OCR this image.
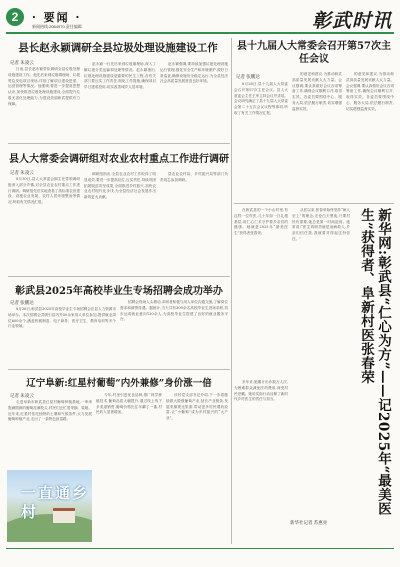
2	· 要闻 ·
新闻热线:2084970 责任编辑	彰武时讯
县长赵永颖调研全县垃圾处理设施建设工作
记者 朱凌云
日前,县长赵永颖带队调研全县垃圾处理设施建设工作。他先后来到垃圾填埋场、垃圾焚烧发电项目现场,详细了解项目建设进度、运营管理等情况。他强调,要进一步提高思想认识,加快推进垃圾处理设施建设,全面提升垃圾无害化处理能力,为建设美丽彰武提供有力保障。
赵永颖一行先后来到垃圾填埋场,深入了解垃圾分类运输和处理等情况。赵永颖指出,垃圾处理设施建设是重要的民生工程,各有关部门要压实工作责任,细化工作措施,确保项目早日建成投用,切实改善城乡人居环境。
赵永颖强调,要持续加强垃圾处理设施运行管理,强化安全生产和环境保护,做好日常巡查,确保设施安全稳定运行,为全县经济社会高质量发展营造良好环境。
县十九届人大常委会召开第57次主任会议
记者 张鹏达
8月28日,县十九届人大常委会召开第57次主任会议。县人大常委会主任王军主持会议并讲话。会议研究确定了县十九届人大常委会第二十五次会议议程等事项,听取了有关工作情况汇报。
的意见和建议,为推动彰武高质量发展贡献人大力量。会议强调,要认真做好会议各项筹备工作,确保会议顺利召开,取得实效。各委员要围绕中心、服务大局,依法履行职责,切实增强监督实效。
的意见和建议,为推动彰武高质量发展贡献人大力量。会议强调,要认真做好会议各项筹备工作,确保会议顺利召开,取得实效。各委员要围绕中心、服务大局,依法履行职责,切实增强监督实效。
县人大常委会调研组对农业农村重点工作进行调研
记者 朱凌云
8月30日,县人大常委会副主任带领调研组深入部分乡镇,对全县农业农村重点工作进行调研。调研组先后实地查看了高标准农田建设、设施农业发展、农村人居环境整治等情况,听取有关情况汇报。
调研组指出,全县农业农村工作取得了明显成效,要进一步提高站位,压实责任,持续巩固拓展脱贫攻坚成果,全面推进乡村振兴,加快农业农村现代化步伐,为全县经济社会发展作出新的更大贡献。
县农业农村局、乡村振兴局等部门负责同志参加调研。
彰武县2025年高校毕业生专场招聘会成功举办
记者 张鹏达
8月26日,彰武县2025年高校毕业生专场招聘会在县人力资源市场举办。本次招聘会共吸引县内外50余家用人单位参加,提供就业岗位600余个,涵盖机械制造、电子商务、医疗卫生、教育培训等多个行业领域。
招聘会现场人头攒动,求职者积极与用人单位沟通交流,了解岗位需求和薪资待遇。据统计,当天共有300余名高校毕业生进场求职,初步达成就业意向120余人,为高校毕业生搭建了良好的就业服务平台。
辽宁阜新:红星村葡萄“内外兼修”身价涨一倍
记者 朱凌云
走进阜新市彰武县红星村葡萄种植基地,一串串饱满圆润的葡萄挂满枝头,村民们正忙着采摘、装箱。近年来,红星村依托独特的土壤和气候条件,大力发展葡萄种植产业,走出了一条特色致富路。
今年,村里引进优良品种,推广科学种植技术,葡萄品质大幅提升,通过线上线下多渠道销售,葡萄价格比往年翻了一番,村民收入显著增加。
该村党支部书记介绍,下一步将继续做大做强葡萄产业,延长产业链条,发展采摘观光旅游,带动更多村民增收致富,让“小葡萄”成为乡村振兴的“大产业”。
一直通乡村
在彰武县的一个小山村里,有这样一位村医,几十年如一日扎根基层,用仁心仁术守护着乡亲们的健康。她就是2025年“最美医生”获得者张春荣。
从医以来,张春荣始终坚持“病人至上”的理念,无论白天黑夜,只要村民有需要,她总是第一时间赶到。她常说:“医生的职责就是治病救人,乡亲们信任我,我就要对得起这份信任。”
多年来,她累计出诊数万人次,为困难群众减免医药费用,深受村民爱戴。她用实际行动诠释了新时代乡村医生的责任与担当。	新华网:彰武县“仁心为方”——记2025年“最美医生”获得者、阜新村医张春荣
新华社记者 苏惠亮
